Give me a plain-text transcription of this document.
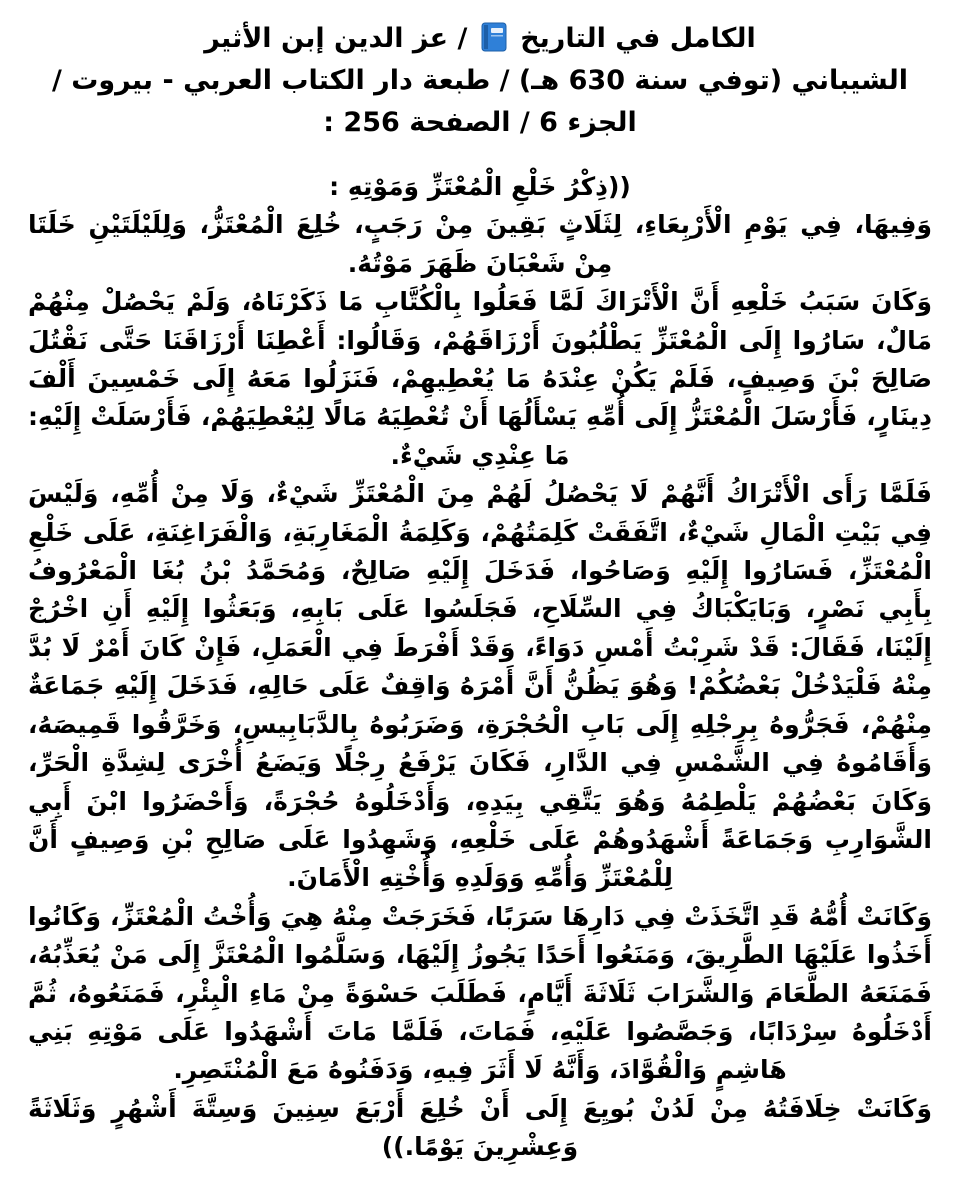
الكامل في التاريخ  / عز الدين إبن الأثير
الشيباني (توفي سنة 630 هـ) / طبعة دار الكتاب العربي - بيروت /
الجزء 6 / الصفحة 256 :

((ذِكْرُ خَلْعِ الْمُعْتَزِّ وَمَوْتِهِ :

وَفِيهَا، فِي يَوْمِ الْأَرْبِعَاءِ، لِثَلَاثٍ بَقِينَ مِنْ رَجَبٍ، خُلِعَ الْمُعْتَزُّ، وَلِلَيْلَتَيْنِ خَلَتَا مِنْ شَعْبَانَ ظَهَرَ مَوْتُهُ.

وَكَانَ سَبَبُ خَلْعِهِ أَنَّ الْأَتْرَاكَ لَمَّا فَعَلُوا بِالْكُتَّابِ مَا ذَكَرْنَاهُ، وَلَمْ يَحْصُلْ مِنْهُمْ مَالٌ، سَارُوا إِلَى الْمُعْتَزِّ يَطْلُبُونَ أَرْزَاقَهُمْ، وَقَالُوا: أَعْطِنَا أَرْزَاقَنَا حَتَّى نَقْتُلَ صَالِحَ بْنَ وَصِيفٍ، فَلَمْ يَكُنْ عِنْدَهُ مَا يُعْطِيهِمْ، فَنَزَلُوا مَعَهُ إِلَى خَمْسِينَ أَلْفَ دِينَارٍ، فَأَرْسَلَ الْمُعْتَزُّ إِلَى أُمِّهِ يَسْأَلُهَا أَنْ تُعْطِيَهُ مَالًا لِيُعْطِيَهُمْ، فَأَرْسَلَتْ إِلَيْهِ: مَا عِنْدِي شَيْءٌ.

فَلَمَّا رَأَى الْأَتْرَاكُ أَنَّهُمْ لَا يَحْصُلُ لَهُمْ مِنَ الْمُعْتَزِّ شَيْءٌ، وَلَا مِنْ أُمِّهِ، وَلَيْسَ فِي بَيْتِ الْمَالِ شَيْءٌ، اتَّفَقَتْ كَلِمَتُهُمْ، وَكَلِمَةُ الْمَغَارِبَةِ، وَالْفَرَاغِنَةِ، عَلَى خَلْعِ الْمُعْتَزِّ، فَسَارُوا إِلَيْهِ وَصَاحُوا، فَدَخَلَ إِلَيْهِ صَالِحٌ، وَمُحَمَّدُ بْنُ بُغَا الْمَعْرُوفُ بِأَبِي نَصْرٍ، وَبَايَكْبَاكُ فِي السِّلَاحِ، فَجَلَسُوا عَلَى بَابِهِ، وَبَعَثُوا إِلَيْهِ أَنِ اخْرُجْ إِلَيْنَا، فَقَالَ: قَدْ شَرِبْتُ أَمْسِ دَوَاءً، وَقَدْ أَفْرَطَ فِي الْعَمَلِ، فَإِنْ كَانَ أَمْرٌ لَا بُدَّ مِنْهُ فَلْيَدْخُلْ بَعْضُكُمْ! وَهُوَ يَظُنُّ أَنَّ أَمْرَهُ وَاقِفٌ عَلَى حَالِهِ، فَدَخَلَ إِلَيْهِ جَمَاعَةٌ مِنْهُمْ، فَجَرُّوهُ بِرِجْلِهِ إِلَى بَابِ الْحُجْرَةِ، وَضَرَبُوهُ بِالدَّبَابِيسِ، وَخَرَّقُوا قَمِيصَهُ، وَأَقَامُوهُ فِي الشَّمْسِ فِي الدَّارِ، فَكَانَ يَرْفَعُ رِجْلًا وَيَضَعُ أُخْرَى لِشِدَّةِ الْحَرِّ، وَكَانَ بَعْضُهُمْ يَلْطِمُهُ وَهُوَ يَتَّقِي بِيَدِهِ، وَأَدْخَلُوهُ حُجْرَةً، وَأَحْضَرُوا ابْنَ أَبِي الشَّوَارِبِ وَجَمَاعَةً أَشْهَدُوهُمْ عَلَى خَلْعِهِ، وَشَهِدُوا عَلَى صَالِحِ بْنِ وَصِيفٍ أَنَّ لِلْمُعْتَزِّ وَأُمِّهِ وَوَلَدِهِ وَأُخْتِهِ الْأَمَانَ.

وَكَانَتْ أُمُّهُ قَدِ اتَّخَذَتْ فِي دَارِهَا سَرَبًا، فَخَرَجَتْ مِنْهُ هِيَ وَأُخْتُ الْمُعْتَزِّ، وَكَانُوا أَخَذُوا عَلَيْهَا الطَّرِيقَ، وَمَنَعُوا أَحَدًا يَجُوزُ إِلَيْهَا، وَسَلَّمُوا الْمُعْتَزَّ إِلَى مَنْ يُعَذِّبُهُ، فَمَنَعَهُ الطَّعَامَ وَالشَّرَابَ ثَلَاثَةَ أَيَّامٍ، فَطَلَبَ حَسْوَةً مِنْ مَاءِ الْبِئْرِ، فَمَنَعُوهُ، ثُمَّ أَدْخَلُوهُ سِرْدَابًا، وَجَصَّصُوا عَلَيْهِ، فَمَاتَ، فَلَمَّا مَاتَ أَشْهَدُوا عَلَى مَوْتِهِ بَنِي هَاشِمٍ وَالْقُوَّادَ، وَأَنَّهُ لَا أَثَرَ فِيهِ، وَدَفَنُوهُ مَعَ الْمُنْتَصِرِ.

وَكَانَتْ خِلَافَتُهُ مِنْ لَدُنْ بُويِعَ إِلَى أَنْ خُلِعَ أَرْبَعَ سِنِينَ وَسِتَّةَ أَشْهُرٍ وَثَلَاثَةً وَعِشْرِينَ يَوْمًا.))
